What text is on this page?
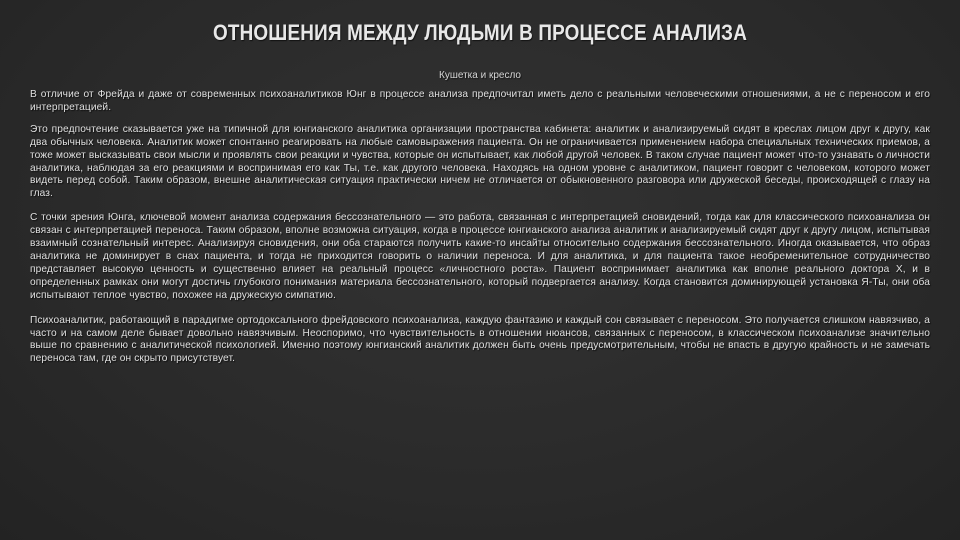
ОТНОШЕНИЯ МЕЖДУ ЛЮДЬМИ В ПРОЦЕССЕ АНАЛИЗА
Кушетка и кресло

В отличие от Фрейда и даже от современных психоаналитиков Юнг в процессе анализа предпочитал иметь дело с реальными человеческими отношениями, а не с переносом и его интерпретацией.

Это предпочтение сказывается уже на типичной для юнгианского аналитика организации пространства кабинета: аналитик и анализируемый сидят в креслах лицом друг к другу, как два обычных человека. Аналитик может спонтанно реагировать на любые самовыражения пациента. Он не ограничивается применением набора специальных технических приемов, а тоже может высказывать свои мысли и проявлять свои реакции и чувства, которые он испытывает, как любой другой человек. В таком случае пациент может что-то узнавать о личности аналитика, наблюдая за его реакциями и воспринимая его как Ты, т.е. как другого человека. Находясь на одном уровне с аналитиком, пациент говорит с человеком, которого может видеть перед собой. Таким образом, внешне аналитическая ситуация практически ничем не отличается от обыкновенного разговора или дружеской беседы, происходящей с глазу на глаз.

С точки зрения Юнга, ключевой момент анализа содержания бессознательного — это работа, связанная с интерпретацией сновидений, тогда как для классического психоанализа он связан с интерпретацией переноса. Таким образом, вполне возможна ситуация, когда в процессе юнгианского анализа аналитик и анализируемый сидят друг к другу лицом, испытывая взаимный сознательный интерес. Анализируя сновидения, они оба стараются получить какие-то инсайты относительно содержания бессознательного. Иногда оказывается, что образ аналитика не доминирует в снах пациента, и тогда не приходится говорить о наличии переноса. И для аналитика, и для пациента такое необременительное сотрудничество представляет высокую ценность и существенно влияет на реальный процесс «личностного роста». Пациент воспринимает аналитика как вполне реального доктора X, и в определенных рамках они могут достичь глубокого понимания материала бессознательного, который подвергается анализу. Когда становится доминирующей установка Я-Ты, они оба испытывают теплое чувство, похожее на дружескую симпатию.

Психоаналитик, работающий в парадигме ортодоксального фрейдовского психоанализа, каждую фантазию и каждый сон связывает с переносом. Это получается слишком навязчиво, а часто и на самом деле бывает довольно навязчивым. Неоспоримо, что чувствительность в отношении нюансов, связанных с переносом, в классическом психоанализе значительно выше по сравнению с аналитической психологией. Именно поэтому юнгианский аналитик должен быть очень предусмотрительным, чтобы не впасть в другую крайность и не замечать переноса там, где он скрыто присутствует.
